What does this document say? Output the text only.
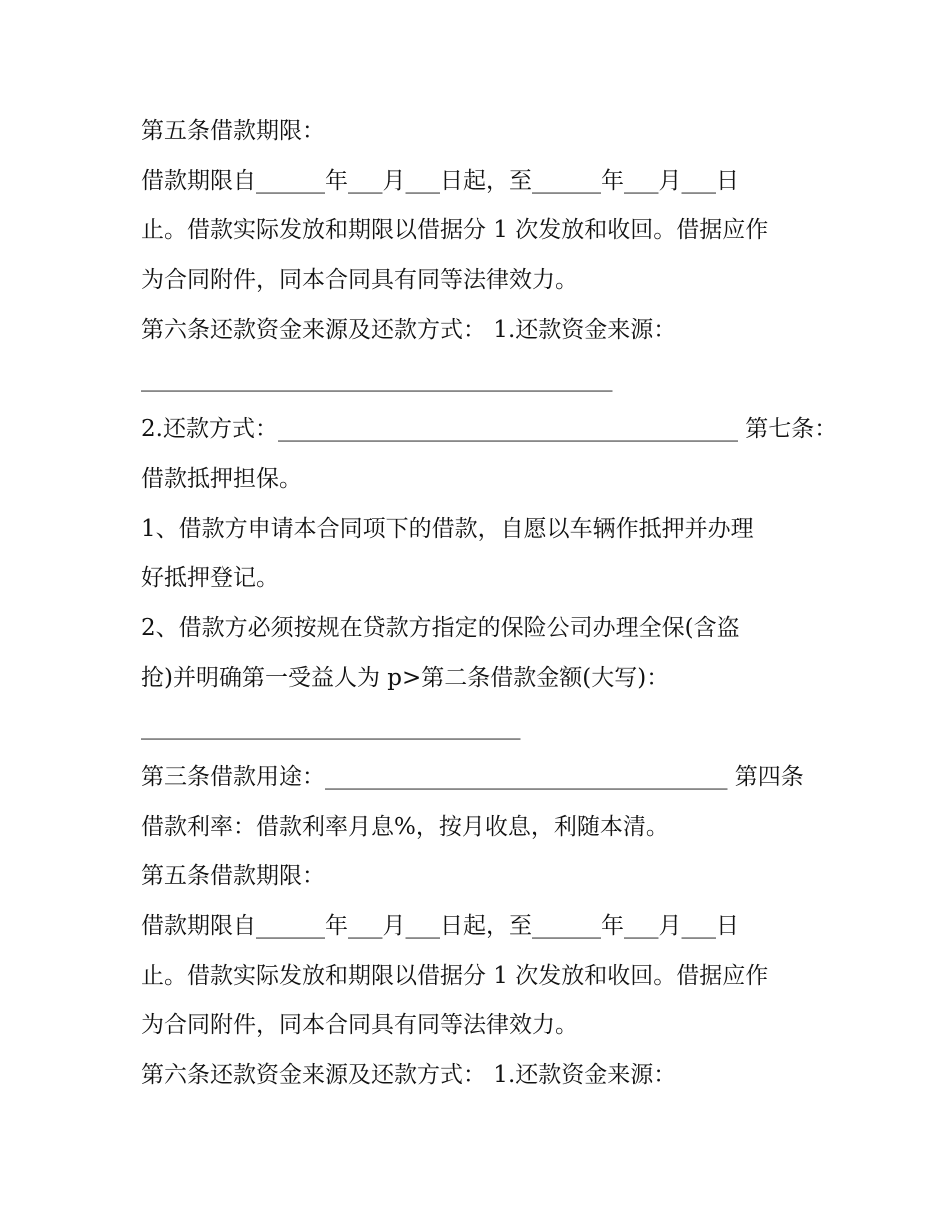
第五条借款期限：
借款期限自______年___月___日起，至______年___月___日
止。借款实际发放和期限以借据分 1 次发放和收回。借据应作
为合同附件，同本合同具有同等法律效力。
第六条还款资金来源及还款方式： 1.还款资金来源：
_________________________________________
2.还款方式：________________________________________ 第七条：
借款抵押担保。
1、借款方申请本合同项下的借款，自愿以车辆作抵押并办理
好抵押登记。
2、借款方必须按规在贷款方指定的保险公司办理全保(含盗
抢)并明确第一受益人为 p>第二条借款金额(大写)：
_________________________________
第三条借款用途：___________________________________ 第四条
借款利率：借款利率月息%，按月收息，利随本清。
第五条借款期限：
借款期限自______年___月___日起，至______年___月___日
止。借款实际发放和期限以借据分 1 次发放和收回。借据应作
为合同附件，同本合同具有同等法律效力。
第六条还款资金来源及还款方式： 1.还款资金来源：
